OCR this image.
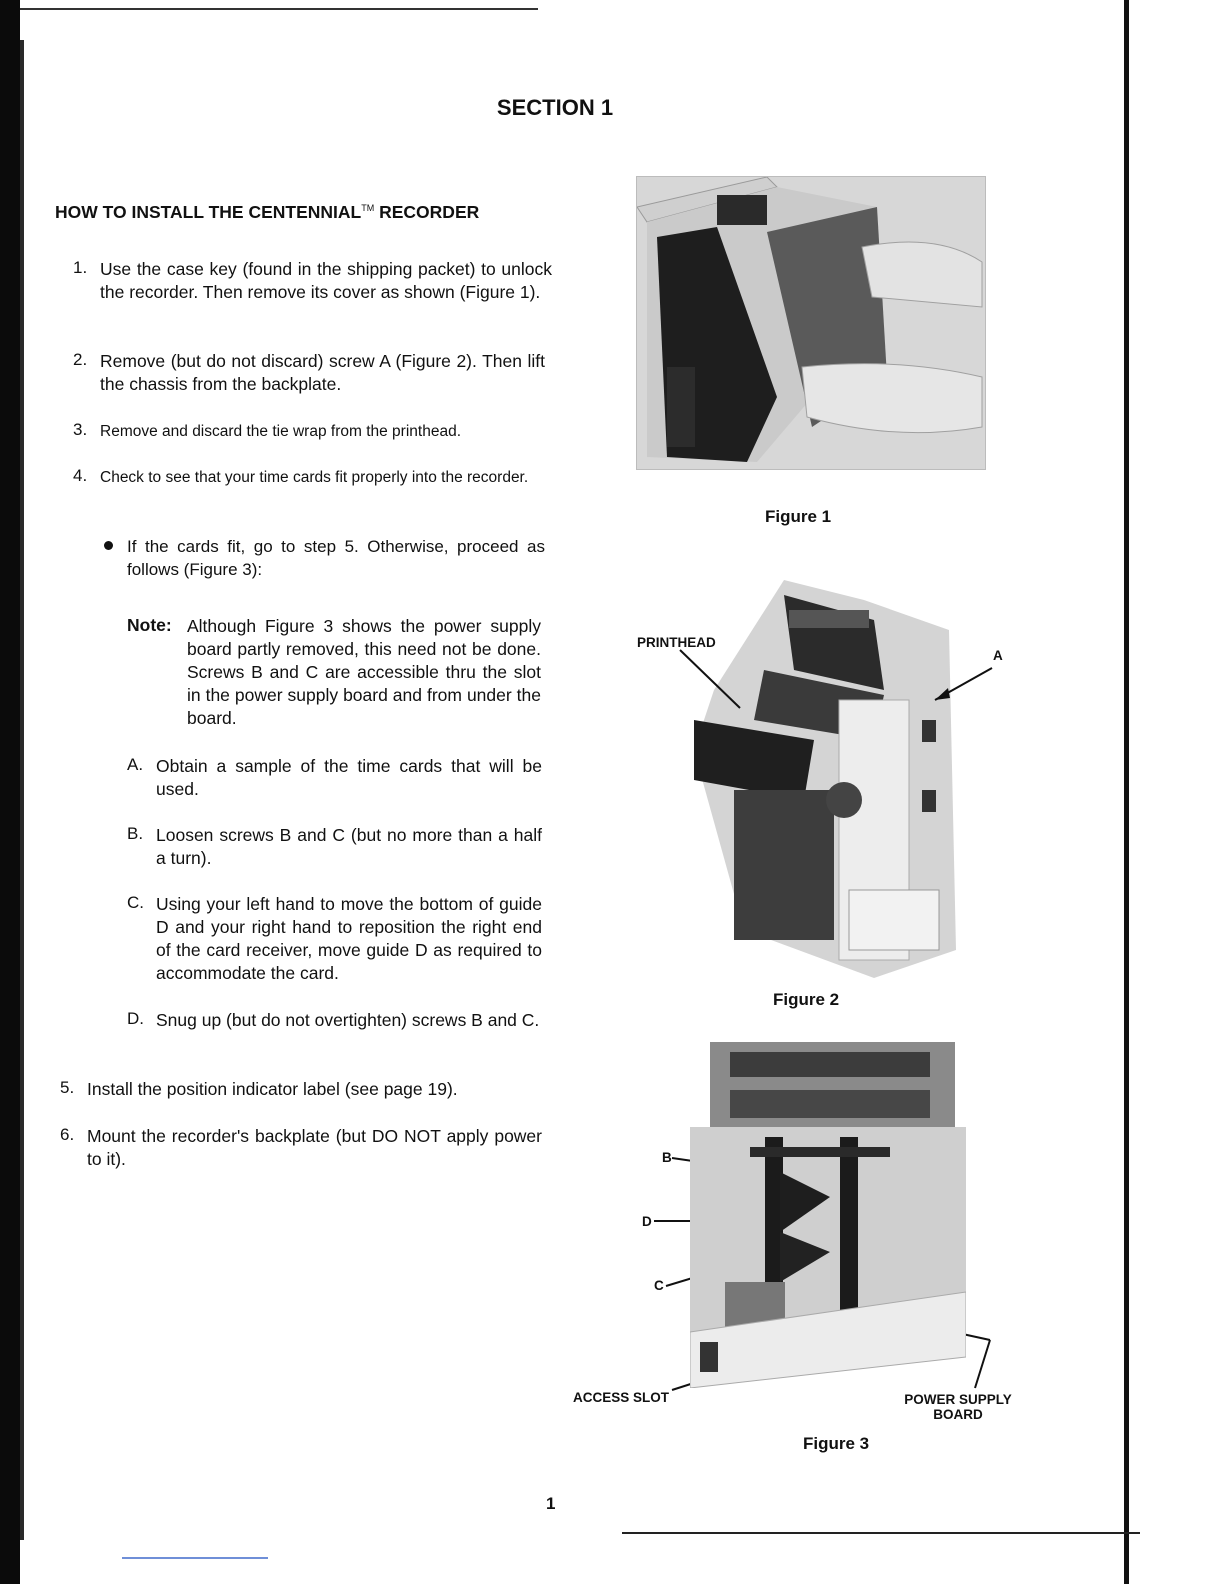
SECTION 1
HOW TO INSTALL THE CENTENNIAL™ RECORDER
1. Use the case key (found in the shipping packet) to unlock the recorder. Then remove its cover as shown (Figure 1).
2. Remove (but do not discard) screw A (Figure 2). Then lift the chassis from the backplate.
3. Remove and discard the tie wrap from the printhead.
4. Check to see that your time cards fit properly into the recorder.
If the cards fit, go to step 5. Otherwise, proceed as follows (Figure 3):
Note: Although Figure 3 shows the power supply board partly removed, this need not be done. Screws B and C are accessible thru the slot in the power supply board and from under the board.
A. Obtain a sample of the time cards that will be used.
B. Loosen screws B and C (but no more than a half a turn).
C. Using your left hand to move the bottom of guide D and your right hand to reposition the right end of the card receiver, move guide D as required to accommodate the card.
D. Snug up (but do not overtighten) screws B and C.
5. Install the position indicator label (see page 19).
6. Mount the recorder's backplate (but DO NOT apply power to it).
Figure 1
PRINTHEAD
A
Figure 2
B
D
C
ACCESS SLOT	POWER SUPPLY
BOARD
Figure 3
1
